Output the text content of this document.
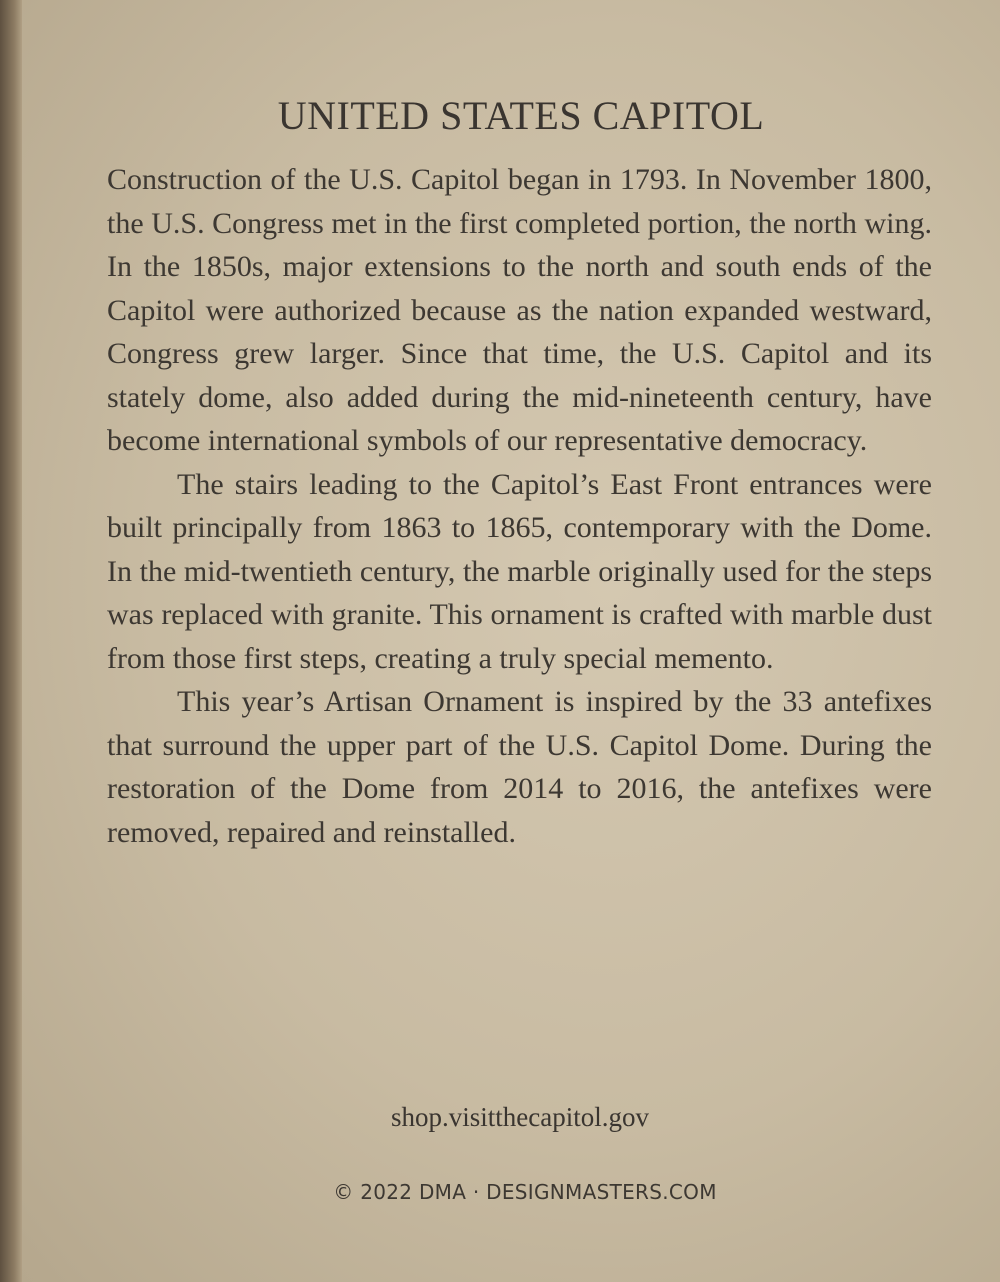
UNITED STATES CAPITOL

Construction of the U.S. Capitol began in 1793. In November 1800, the U.S. Congress met in the first completed portion, the north wing. In the 1850s, major extensions to the north and south ends of the Capitol were authorized because as the nation expanded westward, Congress grew larger. Since that time, the U.S. Capitol and its stately dome, also added during the mid-nineteenth century, have become international symbols of our representative democracy.

The stairs leading to the Capitol’s East Front entrances were built principally from 1863 to 1865, contemporary with the Dome. In the mid-twentieth century, the marble originally used for the steps was replaced with granite. This ornament is crafted with marble dust from those first steps, creating a truly special memento.

This year’s Artisan Ornament is inspired by the 33 antefixes that surround the upper part of the U.S. Capitol Dome. During the restoration of the Dome from 2014 to 2016, the antefixes were removed, repaired and reinstalled.

shop.visitthecapitol.gov
© 2022 DMA · DESIGNMASTERS.COM
